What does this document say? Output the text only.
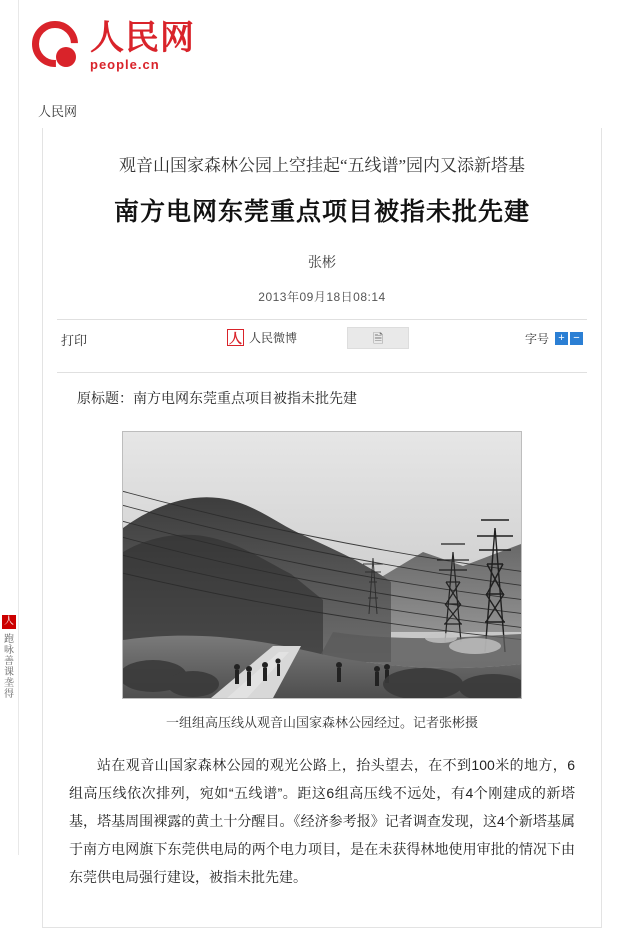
人
跑咏善课垄得
人民网
people.cn
人民网
观音山国家森林公园上空挂起“五线谱”园内又添新塔基
南方电网东莞重点项目被指未批先建
张彬
2013年09月18日08:14
打印	人 人民微博	🗎	字号 + −
原标题：南方电网东莞重点项目被指未批先建
一组组高压线从观音山国家森林公园经过。记者张彬摄

站在观音山国家森林公园的观光公路上，抬头望去，在不到100米的地方，6组高压线依次排列，宛如“五线谱”。距这6组高压线不远处，有4个刚建成的新塔基，塔基周围裸露的黄土十分醒目。《经济参考报》记者调查发现，这4个新塔基属于南方电网旗下东莞供电局的两个电力项目，是在未获得林地使用审批的情况下由东莞供电局强行建设，被指未批先建。
